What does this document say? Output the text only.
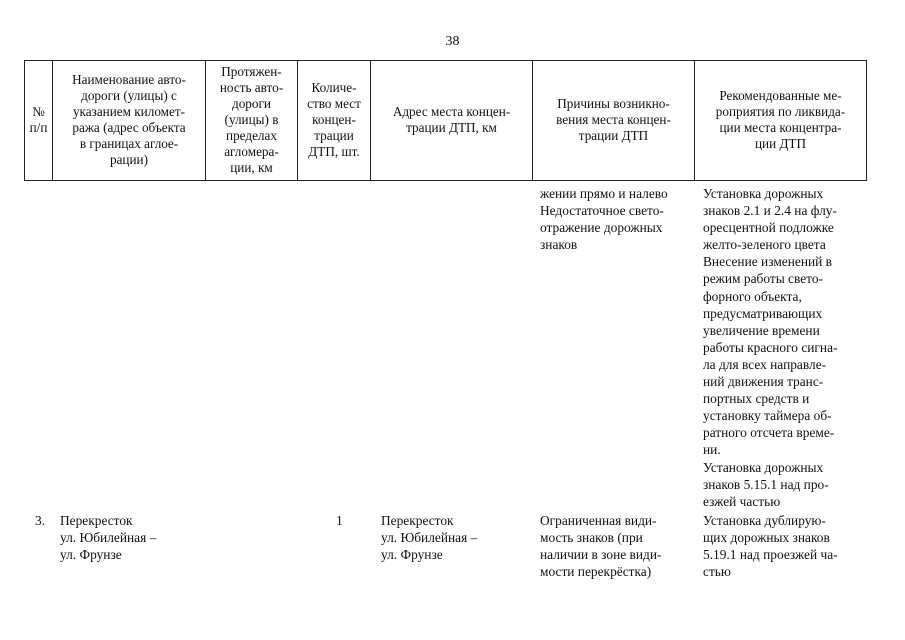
38
№
п/п
Наименование авто-
дороги (улицы) с
указанием километ-
ража (адрес объекта
в границах аглоe-
рации)
Протяжен-
ность авто-
дороги
(улицы) в
пределах
агломера-
ции, км
Количе-
ство мест
концен-
трации
ДТП, шт.
Адрес места концен-
трации ДТП, км
Причины возникно-
вения места концен-
трации ДТП
Рекомендованные ме-
роприятия по ликвида-
ции места концентра-
ции ДТП
жении прямо и налево
Недостаточное свето-
отражение дорожных
знаков
Установка дорожных
знаков 2.1 и 2.4 на флу-
оресцентной подложке
желто-зеленого цвета
Внесение изменений в
режим работы свето-
форного объекта,
предусматривающих
увеличение времени
работы красного сигна-
ла для всех направле-
ний движения транс-
портных средств и
установку таймера об-
ратного отсчета време-
ни.
Установка дорожных
знаков 5.15.1 над про-
езжей частью
3. Перекресток
ул. Юбилейная –
ул. Фрунзе
1	Перекресток
ул. Юбилейная –
ул. Фрунзе
Ограниченная види-
мость знаков (при
наличии в зоне види-
мости перекрёстка)
Установка дублирую-
щих дорожных знаков
5.19.1 над проезжей ча-
стью
